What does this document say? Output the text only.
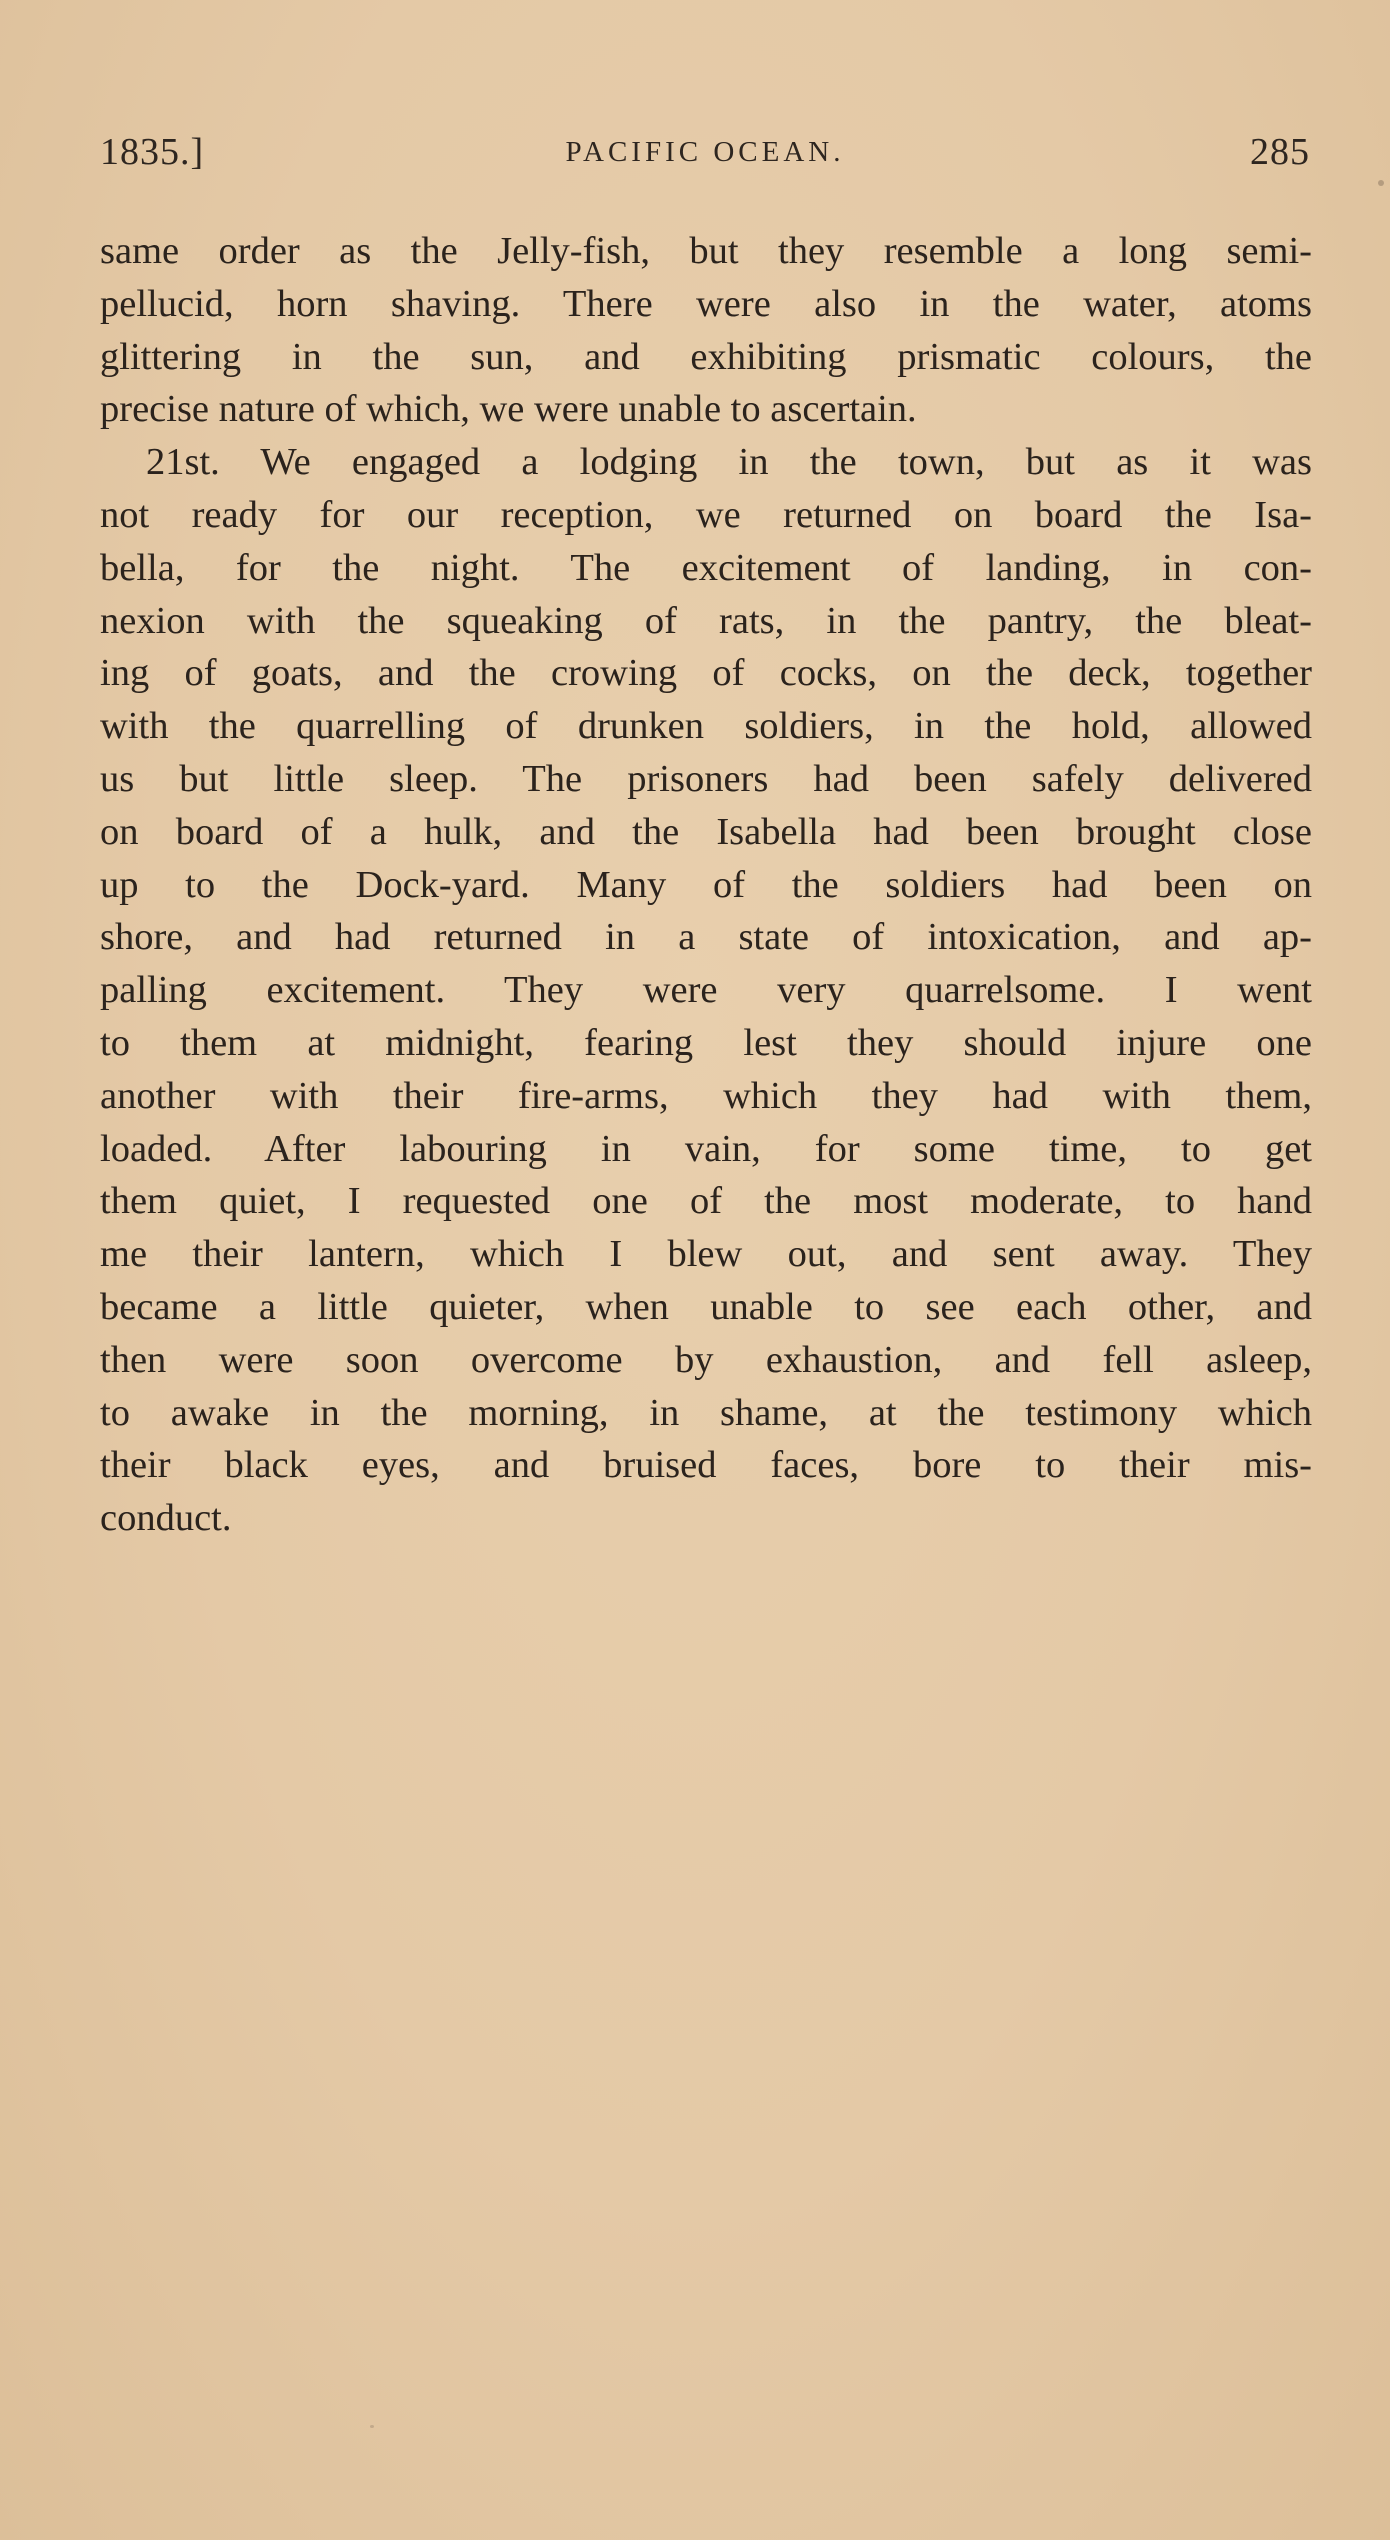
1835.]	PACIFIC OCEAN.	285

same order as the Jelly-fish, but they resemble a long semi-
pellucid, horn shaving. There were also in the water, atoms
glittering in the sun, and exhibiting prismatic colours, the
precise nature of which, we were unable to ascertain.

21st. We engaged a lodging in the town, but as it was
not ready for our reception, we returned on board the Isa-
bella, for the night. The excitement of landing, in con-
nexion with the squeaking of rats, in the pantry, the bleat-
ing of goats, and the crowing of cocks, on the deck, together
with the quarrelling of drunken soldiers, in the hold, allowed
us but little sleep. The prisoners had been safely delivered
on board of a hulk, and the Isabella had been brought close
up to the Dock-yard. Many of the soldiers had been on
shore, and had returned in a state of intoxication, and ap-
palling excitement. They were very quarrelsome. I went
to them at midnight, fearing lest they should injure one
another with their fire-arms, which they had with them,
loaded. After labouring in vain, for some time, to get
them quiet, I requested one of the most moderate, to hand
me their lantern, which I blew out, and sent away. They
became a little quieter, when unable to see each other, and
then were soon overcome by exhaustion, and fell asleep,
to awake in the morning, in shame, at the testimony which
their black eyes, and bruised faces, bore to their mis-
conduct.
